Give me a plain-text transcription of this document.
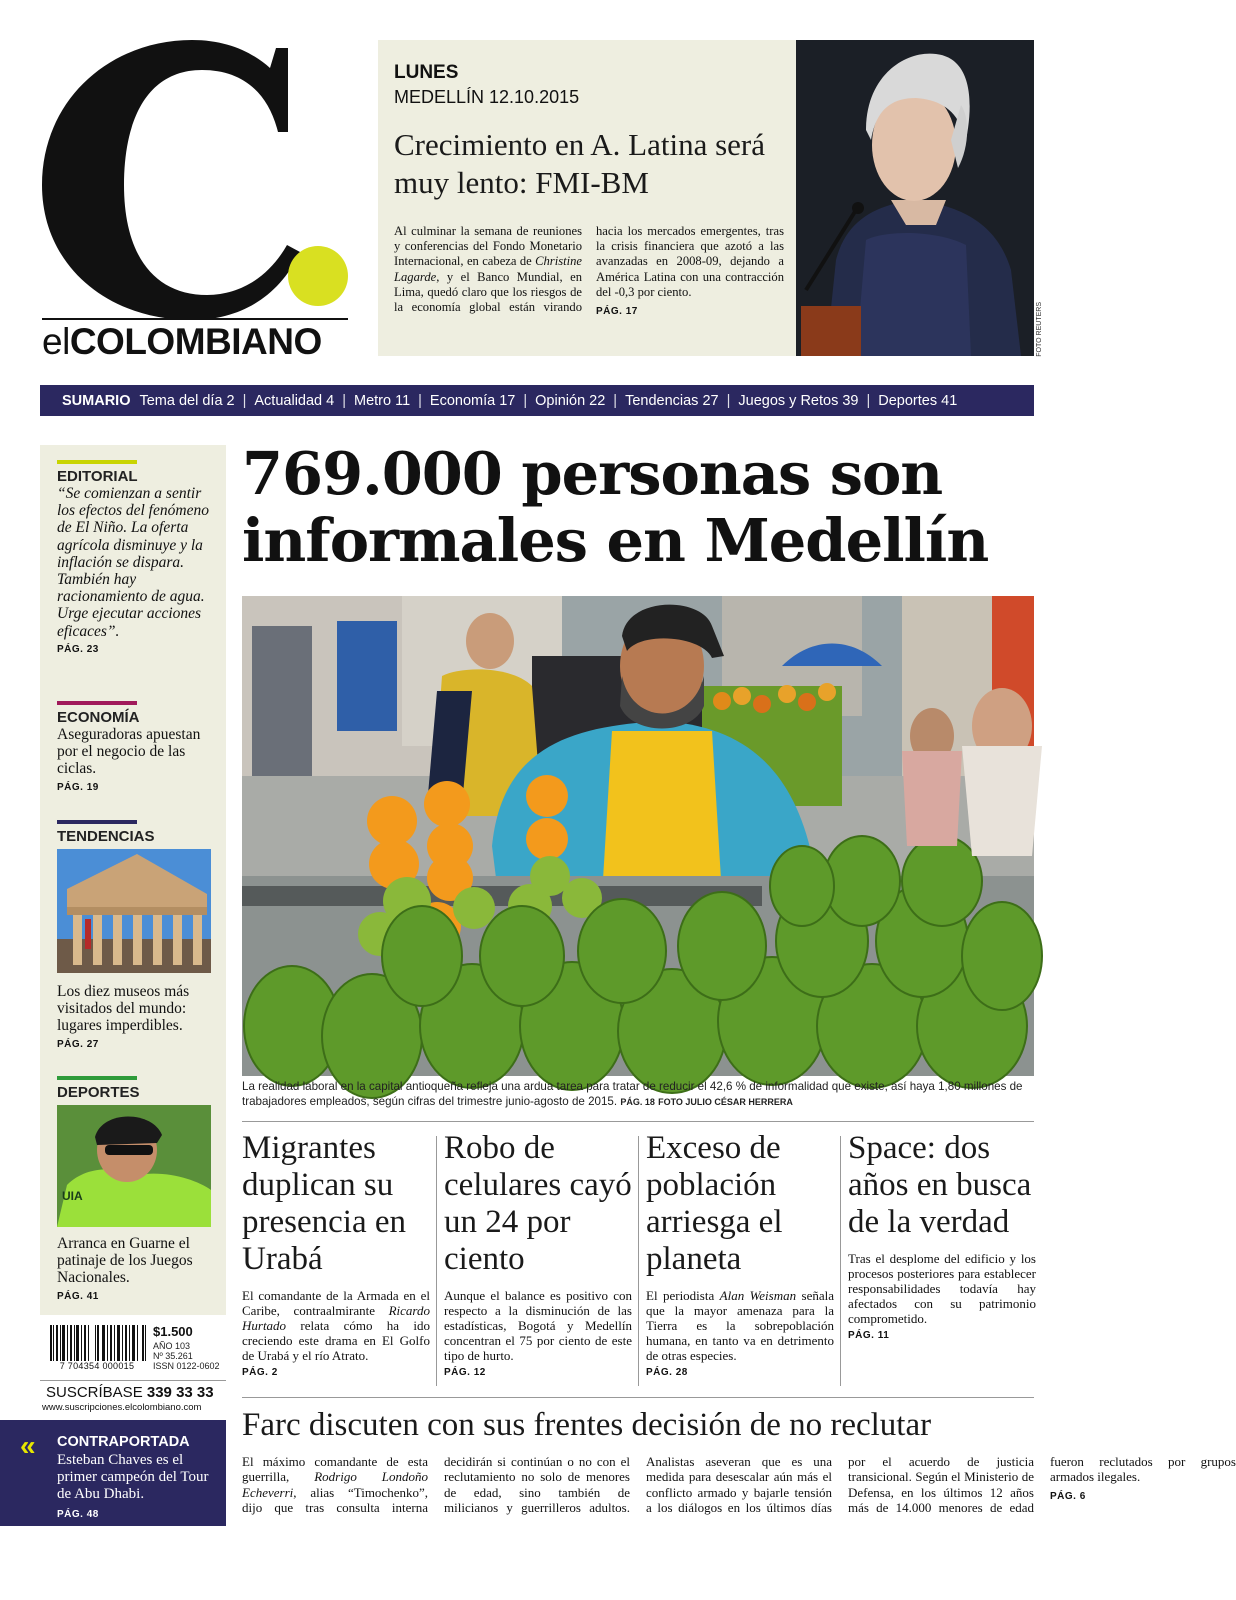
elCOLOMBIANO
LUNES
MEDELLÍN 12.10.2015
Crecimiento en A. Latina será muy lento: FMI-BM
Al culminar la semana de reuniones y conferencias del Fondo Monetario Internacional, en cabeza de Christine Lagarde, y el Banco Mundial, en Lima, quedó claro que los riesgos de la economía global están virando hacia los mercados emergentes, tras la crisis financiera que azotó a las avanzadas en 2008-09, dejando a América Latina con una contracción del -0,3 por ciento.
PÁG. 17	FOTO REUTERS
SUMARIO Tema del día 2 | Actualidad 4 | Metro 11 | Economía 17 | Opinión 22 | Tendencias 27 | Juegos y Retos 39 | Deportes 41
EDITORIAL
“Se comienzan a sentir los efectos del fenómeno de El Niño. La oferta agrícola disminuye y la inflación se dispara. También hay racionamiento de agua. Urge ejecutar acciones eficaces”.
PÁG. 23
ECONOMÍA
Aseguradoras apuestan por el negocio de las ciclas.
PÁG. 19
TENDENCIAS
Los diez museos más visitados del mundo: lugares imperdibles.
PÁG. 27
DEPORTES
UIA
Arranca en Guarne el patinaje de los Juegos Nacionales.
PÁG. 41
7 704354 000015
$1.500
AÑO 103
Nº 35.261
ISSN 0122-0602
SUSCRÍBASE 339 33 33
www.suscripciones.elcolombiano.com
« CONTRAPORTADA
Esteban Chaves es el primer campeón del Tour de Abu Dhabi.
PÁG. 48
769.000 personas son informales en Medellín
La realidad laboral en la capital antioqueña refleja una ardua tarea para tratar de reducir el 42,6 % de informalidad que existe, así haya 1,80 millones de trabajadores empleados, según cifras del trimestre junio-agosto de 2015. PÁG. 18 FOTO JULIO CÉSAR HERRERA
Migrantes duplican su presencia en Urabá

El comandante de la Armada en el Caribe, contraalmirante Ricardo Hurtado relata cómo ha ido creciendo este drama en El Golfo de Urabá y el río Atrato.

PÁG. 2
Robo de celulares cayó un 24 por ciento

Aunque el balance es positivo con respecto a la disminución de las estadísticas, Bogotá y Medellín concentran el 75 por ciento de este tipo de hurto.

PÁG. 12
Exceso de población arriesga el planeta

El periodista Alan Weisman señala que la mayor amenaza para la Tierra es la sobrepoblación humana, en tanto va en detrimento de otras especies.

PÁG. 28
Space: dos años en busca de la verdad

Tras el desplome del edificio y los procesos posteriores para establecer responsabilidades todavía hay afectados con su patrimonio comprometido.

PÁG. 11
Farc discuten con sus frentes decisión de no reclutar
El máximo comandante de esta guerrilla, Rodrigo Londoño Echeverri, alias “Timochenko”, dijo que tras consulta interna decidirán si continúan o no con el reclutamiento no solo de menores de edad, sino también de milicianos y guerrilleros adultos. Analistas aseveran que es una medida para desescalar aún más el conflicto armado y bajarle tensión a los diálogos en los últimos días por el acuerdo de justicia transicional. Según el Ministerio de Defensa, en los últimos 12 años más de 14.000 menores de edad fueron reclutados por grupos armados ilegales.
PÁG. 6
